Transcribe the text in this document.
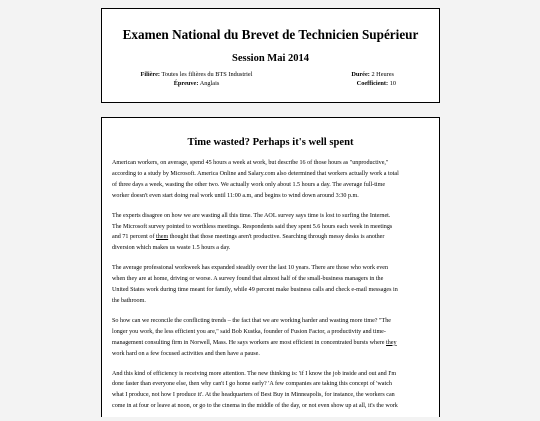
Examen National du Brevet de Technicien Supérieur
Session Mai 2014
Filière: Toutes les filières du BTS Industriel
Épreuve: Anglais
Durée: 2 Heures
Coefficient: 10
Time wasted? Perhaps it's well spent

American workers, on average, spend 45 hours a week at work, but describe 16 of those hours as "unproductive,"
according to a study by Microsoft. America Online and Salary.com also determined that workers actually work a total
of three days a week, wasting the other two. We actually work only about 1.5 hours a day. The average full-time
worker doesn't even start doing real work until 11:00 a.m, and begins to wind down around 3:30 p.m.

The experts disagree on how we are wasting all this time. The AOL survey says time is lost to surfing the Internet.
The Microsoft survey pointed to worthless meetings. Respondents said they spent 5.6 hours each week in meetings
and 71 percent of them thought that those meetings aren't productive. Searching through messy desks is another
diversion which makes us waste 1.5 hours a day.

The average professional workweek has expanded steadily over the last 10 years. There are those who work even
when they are at home, driving or worse. A survey found that almost half of the small-business managers in the
United States work during time meant for family, while 49 percent make business calls and check e-mail messages in
the bathroom.

So how can we reconcile the conflicting trends – the fact that we are working harder and wasting more time? "The
longer you work, the less efficient you are," said Bob Kustka, founder of Fusion Factor, a productivity and time-
management consulting firm in Norwell, Mass. He says workers are most efficient in concentrated bursts where they
work hard on a few focused activities and then have a pause.

And this kind of efficiency is receiving more attention. The new thinking is: 'if I know the job inside and out and I'm
done faster than everyone else, then why can't I go home early? 'A few companies are taking this concept of 'watch
what I produce, not how I produce it'. At the headquarters of Best Buy in Minneapolis, for instance, the workers can
come in at four or leave at noon, or go to the cinema in the middle of the day, or not even show up at all, it's the work
